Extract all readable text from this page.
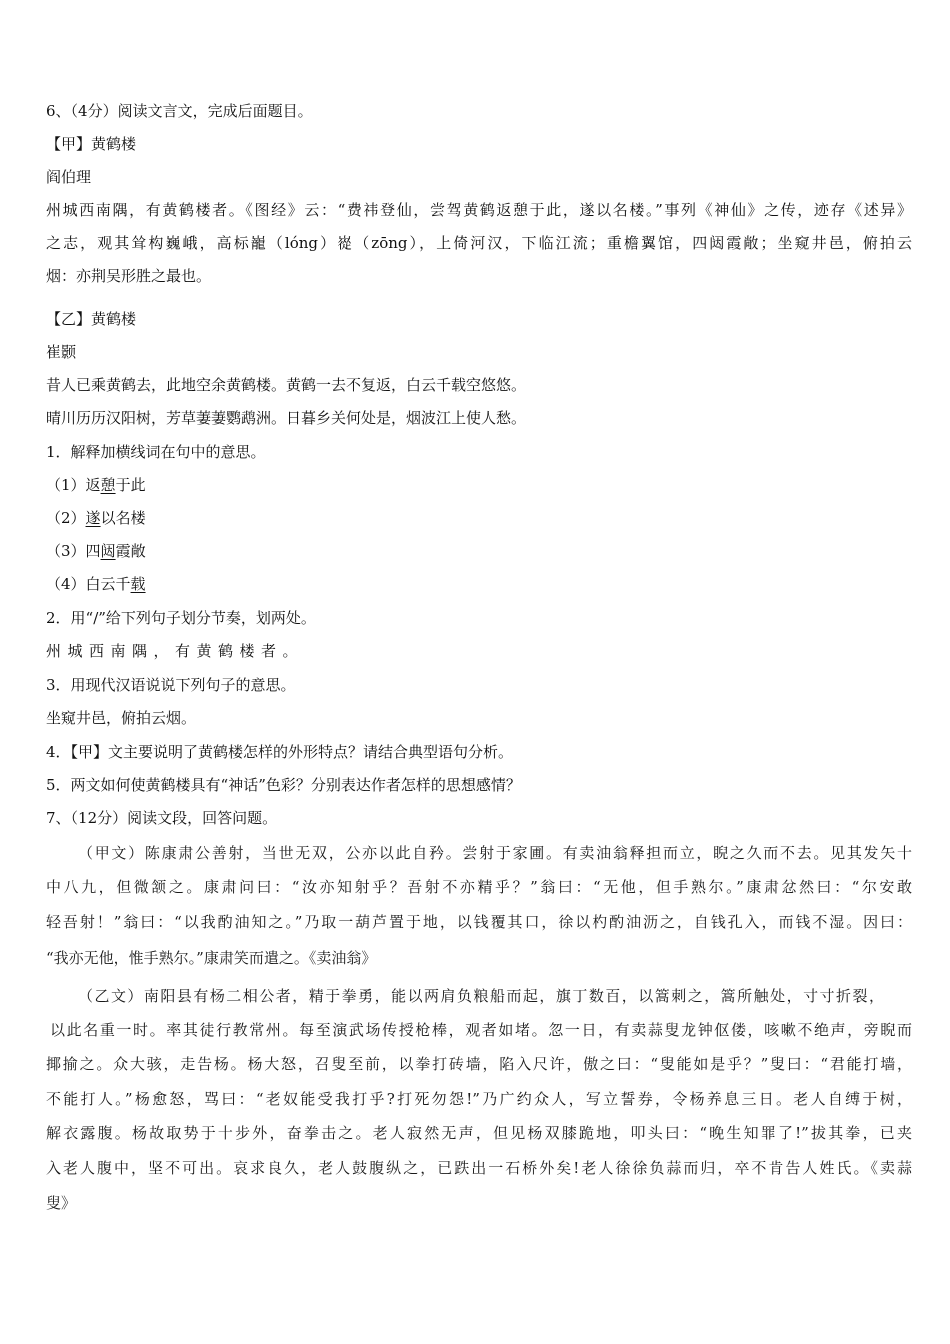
6、（4分）阅读文言文，完成后面题目。
【甲】黄鹤楼
阎伯理
州城西南隅，有黄鹤楼者。《图经》云：“费祎登仙，尝驾黄鹤返憩于此，遂以名楼。”事列《神仙》之传，迹存《述异》
之志，观其耸构巍峨，高标巃（lóng）嵸（zōng），上倚河汉，下临江流；重檐翼馆，四闼霞敞；坐窥井邑，俯拍云
烟：亦荆吴形胜之最也。
【乙】黄鹤楼
崔颢
昔人已乘黄鹤去，此地空余黄鹤楼。黄鹤一去不复返，白云千载空悠悠。
晴川历历汉阳树，芳草萋萋鹦鹉洲。日暮乡关何处是，烟波江上使人愁。
1．解释加横线词在句中的意思。
（1）返憩于此
（2）遂以名楼
（3）四闼霞敞
（4）白云千载
2．用“/”给下列句子划分节奏，划两处。
州城西南隅，有黄鹤楼者。
3．用现代汉语说说下列句子的意思。
坐窥井邑，俯拍云烟。
4．【甲】文主要说明了黄鹤楼怎样的外形特点？请结合典型语句分析。
5．两文如何使黄鹤楼具有“神话”色彩？分别表达作者怎样的思想感情？
7、（12分）阅读文段，回答问题。
（甲文）陈康肃公善射，当世无双，公亦以此自矜。尝射于家圃。有卖油翁释担而立，睨之久而不去。见其发矢十
中八九，但微颔之。康肃问曰：“汝亦知射乎？吾射不亦精乎？”翁曰：“无他，但手熟尔。”康肃忿然曰：“尔安敢
轻吾射！”翁曰：“以我酌油知之。”乃取一葫芦置于地，以钱覆其口，徐以杓酌油沥之，自钱孔入，而钱不湿。因曰：
“我亦无他，惟手熟尔。”康肃笑而遣之。《卖油翁》
（乙文）南阳县有杨二相公者，精于拳勇，能以两肩负粮船而起，旗丁数百，以篙刺之，篙所触处，寸寸折裂，
以此名重一时。率其徒行教常州。每至演武场传授枪棒，观者如堵。忽一日，有卖蒜叟龙钟伛偻，咳嗽不绝声，旁睨而
揶揄之。众大骇，走告杨。杨大怒，召叟至前，以拳打砖墙，陷入尺许，傲之曰：“叟能如是乎？”叟曰：“君能打墙，
不能打人。”杨愈怒，骂曰：“老奴能受我打乎?打死勿怨!”乃广约众人，写立誓券，令杨养息三日。老人自缚于树，
解衣露腹。杨故取势于十步外，奋拳击之。老人寂然无声，但见杨双膝跪地，叩头曰：“晚生知罪了!”拔其拳，已夹
入老人腹中，坚不可出。哀求良久，老人鼓腹纵之，已跌出一石桥外矣!老人徐徐负蒜而归，卒不肯告人姓氏。《卖蒜
叟》
